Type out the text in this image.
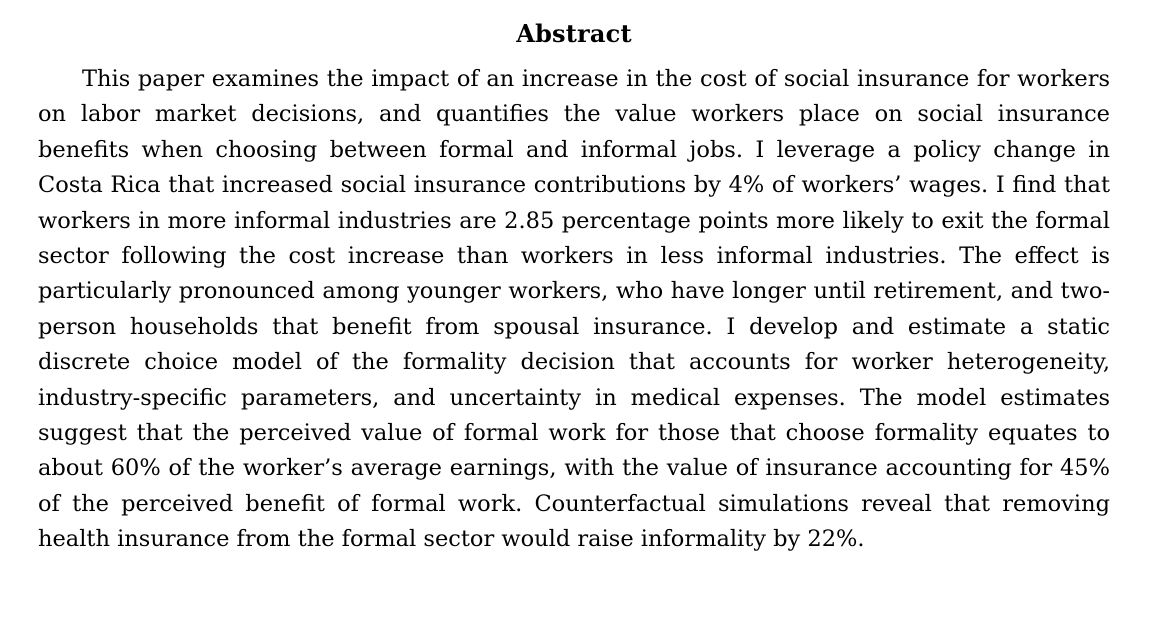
Abstract

This paper examines the impact of an increase in the cost of social insurance for workers on labor market decisions, and quantifies the value workers place on social insurance benefits when choosing between formal and informal jobs. I leverage a policy change in Costa Rica that increased social insurance contributions by 4% of workers’ wages. I find that workers in more informal industries are 2.85 percentage points more likely to exit the formal sector following the cost increase than workers in less informal industries. The effect is particularly pronounced among younger workers, who have longer until retirement, and two-person households that benefit from spousal insurance. I develop and estimate a static discrete choice model of the formality decision that accounts for worker heterogeneity, industry-specific parameters, and uncertainty in medical expenses. The model estimates suggest that the perceived value of formal work for those that choose formality equates to about 60% of the worker’s average earnings, with the value of insurance accounting for 45% of the perceived benefit of formal work. Counterfactual simulations reveal that removing health insurance from the formal sector would raise informality by 22%.
